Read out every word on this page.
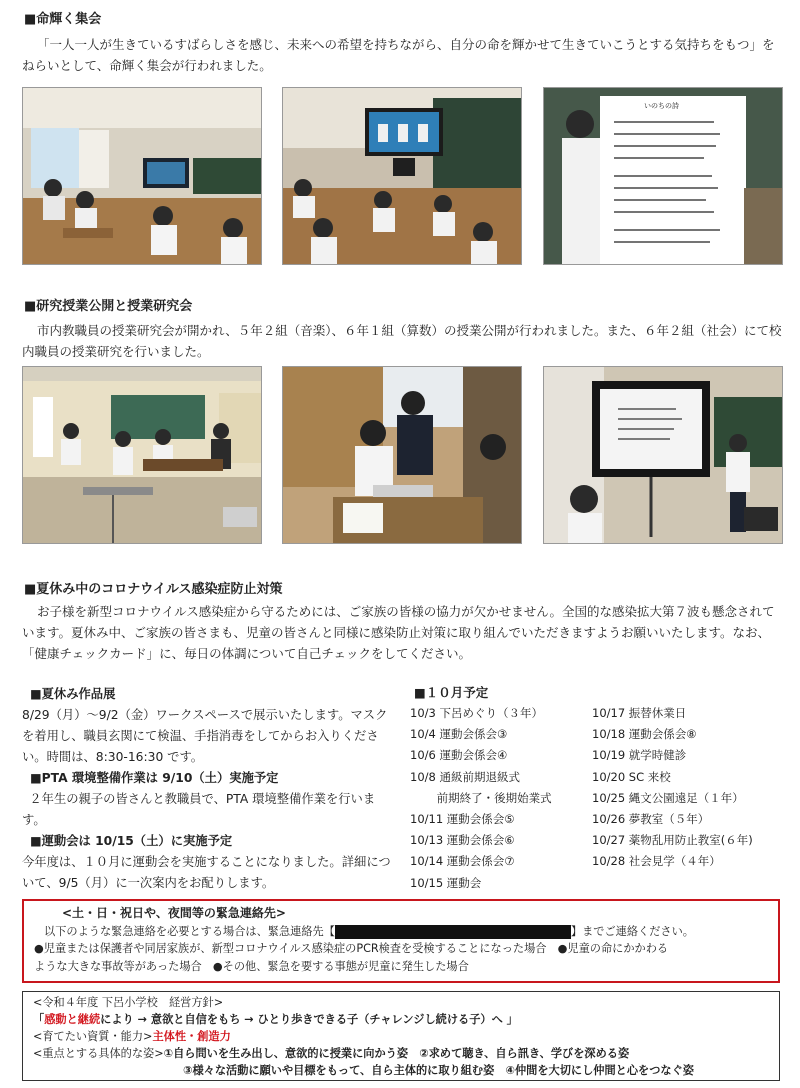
■命輝く集会
「一人一人が生きているすばらしさを感じ、未来への希望を持ちながら、自分の命を輝かせて生きていこうとする気持ちをもつ」をねらいとして、命輝く集会が行われました。
いのちの詩
■研究授業公開と授業研究会
市内教職員の授業研究会が開かれ、５年２組（音楽）、６年１組（算数）の授業公開が行われました。また、６年２組（社会）にて校内職員の授業研究を行いました。
■夏休み中のコロナウイルス感染症防止対策
お子様を新型コロナウイルス感染症から守るためには、ご家族の皆様の協力が欠かせません。全国的な感染拡大第７波も懸念されています。夏休み中、ご家族の皆さまも、児童の皆さんと同様に感染防止対策に取り組んでいただきますようお願いいたします。なお、「健康チェックカード」に、毎日の体調について自己チェックをしてください。
■夏休み作品展
8/29（月）〜9/2（金）ワークスペースで展示いたします。マスクを着用し、職員玄関にて検温、手指消毒をしてからお入りください。時間は、8:30-16:30 です。
■PTA 環境整備作業は 9/10（土）実施予定
２年生の親子の皆さんと教職員で、PTA 環境整備作業を行います。
■運動会は 10/15（土）に実施予定
今年度は、１０月に運動会を実施することになりました。詳細について、9/5（月）に一次案内をお配りします。
■１０月予定
10/3 下呂めぐり（３年）
10/4 運動会係会③
10/6 運動会係会④
10/8 通級前期退級式
　　 前期終了・後期始業式
10/11 運動会係会⑤
10/13 運動会係会⑥
10/14 運動会係会⑦
10/15 運動会
10/17 振替休業日
10/18 運動会係会⑧
10/19 就学時健診
10/20 SC 来校
10/25 縄文公園遠足（１年）
10/26 夢教室（５年）
10/27 薬物乱用防止教室(６年)
10/28 社会見学（４年）
<土・日・祝日や、夜間等の緊急連絡先>
以下のような緊急連絡を必要とする場合は、緊急連絡先【	】までご連絡ください。
●児童または保護者や同居家族が、新型コロナウイルス感染症のPCR検査を受検することになった場合　●児童の命にかかわる
ような大きな事故等があった場合　●その他、緊急を要する事態が児童に発生した場合
<令和４年度 下呂小学校　経営方針>
「感動と継続により → 意欲と自信をもち → ひとり歩きできる子（チャレンジし続ける子）へ 」
<育てたい資質・能力>主体性・創造力
<重点とする具体的な姿>①自ら問いを生み出し、意欲的に授業に向かう姿　②求めて聴き、自ら訊き、学びを深める姿
③様々な活動に願いや目標をもって、自ら主体的に取り組む姿　④仲間を大切にし仲間と心をつなぐ姿
